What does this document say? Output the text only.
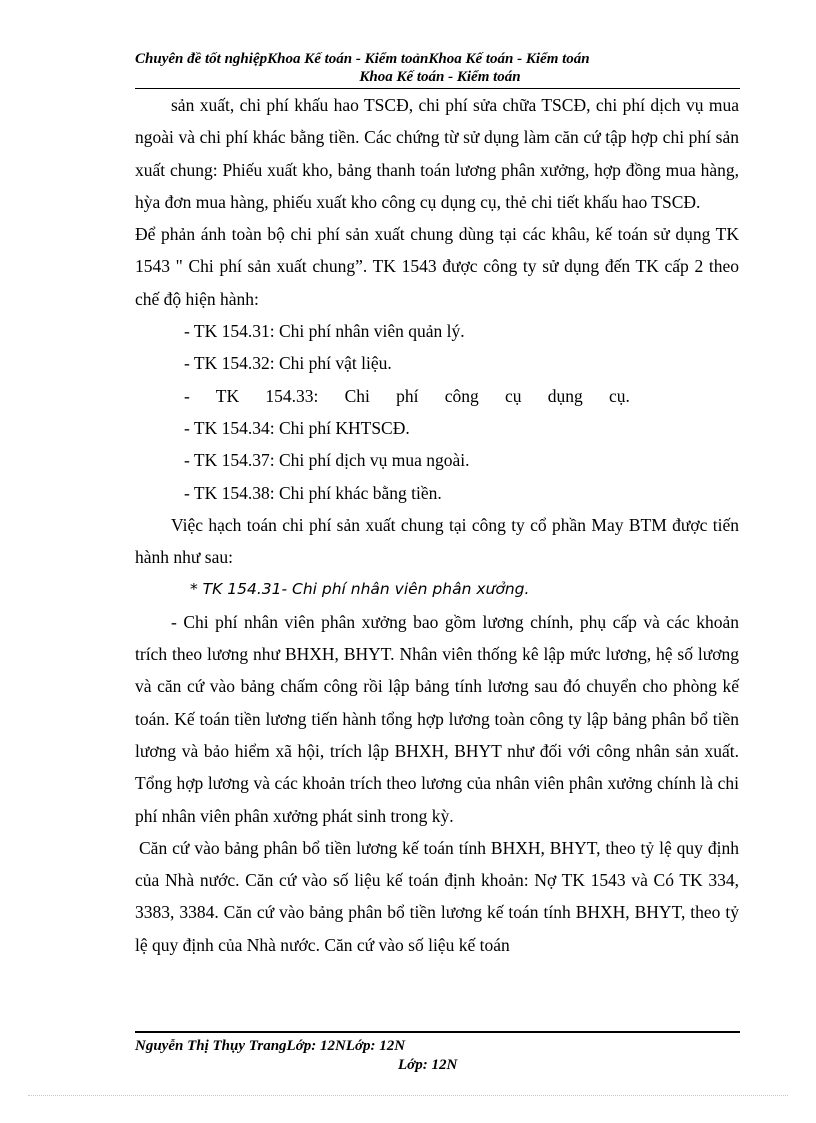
Chuyên đề tốt nghiệpKhoa Kế toán - Kiểm toảnKhoa Kế toán - Kiểm toán
Khoa Kế toán - Kiểm toán

sản xuất, chi phí khấu hao TSCĐ, chi phí sửa chữa TSCĐ, chi phí dịch vụ mua ngoài và chi phí khác bằng tiền. Các chứng từ sử dụng làm căn cứ tập hợp chi phí sản xuất chung: Phiếu xuất kho, bảng thanh toán lương phân xưởng, hợp đồng mua hàng, hỳa đơn mua hàng, phiếu xuất kho công cụ dụng cụ, thẻ chi tiết khấu hao TSCĐ.

Để phản ánh toàn bộ chi phí sản xuất chung dùng tại các khâu, kế toán sử dụng TK 1543 " Chi phí sản xuất chung”. TK 1543 được công ty sử dụng đến TK cấp 2 theo chế độ hiện hành:

- TK 154.31: Chi phí nhân viên quản lý.

- TK 154.32: Chi phí vật liệu.

-      TK      154.33:      Chi      phí      công      cụ      dụng      cụ.

- TK 154.34: Chi phí KHTSCĐ.

- TK 154.37: Chi phí dịch vụ mua ngoài.

- TK 154.38: Chi phí khác bằng tiền.

Việc hạch toán chi phí sản xuất chung tại công ty cổ phần May BTM được tiến hành như sau:

* TK 154.31- Chi phí nhân viên phân xưởng.

- Chi phí nhân viên phân xưởng bao gồm lương chính, phụ cấp và các khoản trích theo lương như BHXH, BHYT. Nhân viên thống kê lập mức lương, hệ số lương và căn cứ vào bảng chấm công rồi lập bảng tính lương sau đó chuyển cho phòng kế toán. Kế toán tiền lương tiến hành tổng hợp lương toàn công ty lập bảng phân bổ tiền lương và bảo hiểm xã hội, trích lập BHXH, BHYT như đối với công nhân sản xuất. Tổng hợp lương và các khoản trích theo lương của nhân viên phân xưởng chính là chi phí nhân viên phân xưởng phát sinh trong kỳ.

Căn cứ vào bảng phân bổ tiền lương kế toán tính BHXH, BHYT, theo tỷ lệ quy định của Nhà nước. Căn cứ vào số liệu kế toán định khoản: Nợ TK 1543 và Có TK 334, 3383, 3384. Căn cứ vào bảng phân bổ tiền lương kế toán tính BHXH, BHYT, theo tỷ lệ quy định của Nhà nước. Căn cứ vào số liệu kế toán

Nguyễn Thị Thụy TrangLớp: 12NLớp: 12N
Lớp: 12N
